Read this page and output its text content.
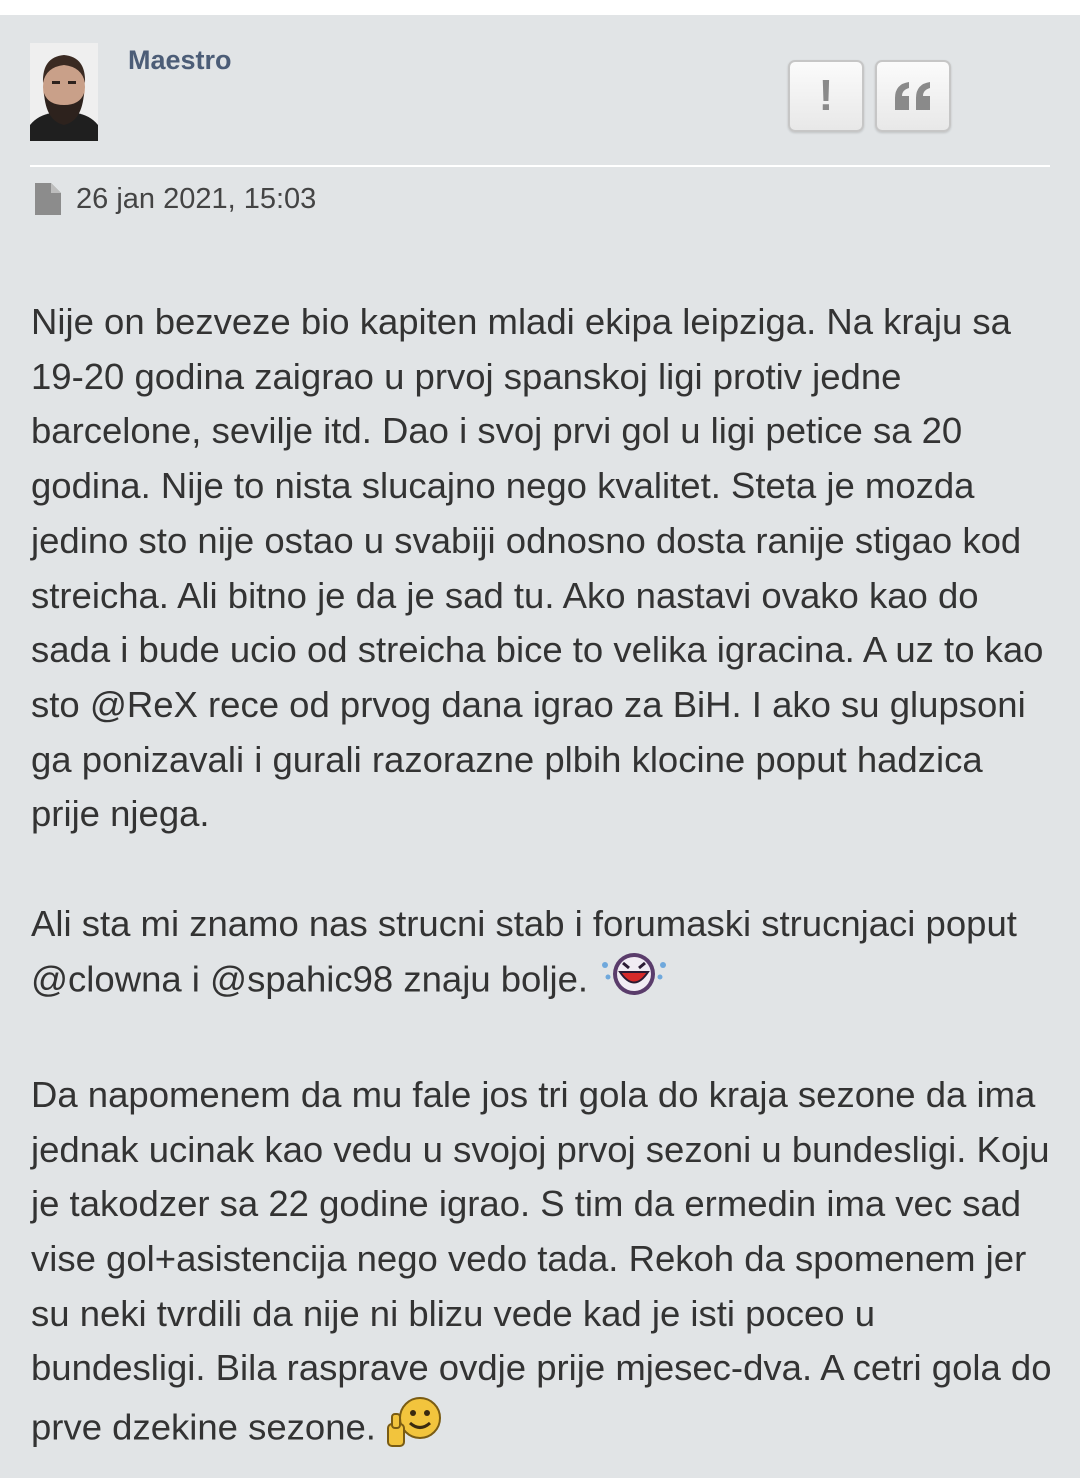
Maestro
!
26 jan 2021, 15:03

Nije on bezveze bio kapiten mladi ekipa leipziga. Na kraju sa 19-20 godina zaigrao u prvoj spanskoj ligi protiv jedne barcelone, sevilje itd. Dao i svoj prvi gol u ligi petice sa 20 godina. Nije to nista slucajno nego kvalitet. Steta je mozda jedino sto nije ostao u svabiji odnosno dosta ranije stigao kod streicha. Ali bitno je da je sad tu. Ako nastavi ovako kao do sada i bude ucio od streicha bice to velika igracina. A uz to kao sto @ReX rece od prvog dana igrao za BiH. I ako su glupsoni ga ponizavali i gurali razorazne plbih klocine poput hadzica prije njega.

Ali sta mi znamo nas strucni stab i forumaski strucnjaci poput @clowna i @spahic98 znaju bolje.

Da napomenem da mu fale jos tri gola do kraja sezone da ima jednak ucinak kao vedu u svojoj prvoj sezoni u bundesligi. Koju je takodzer sa 22 godine igrao. S tim da ermedin ima vec sad vise gol+asistencija nego vedo tada. Rekoh da spomenem jer su neki tvrdili da nije ni blizu vede kad je isti poceo u bundesligi. Bila rasprave ovdje prije mjesec-dva. A cetri gola do prve dzekine sezone.
